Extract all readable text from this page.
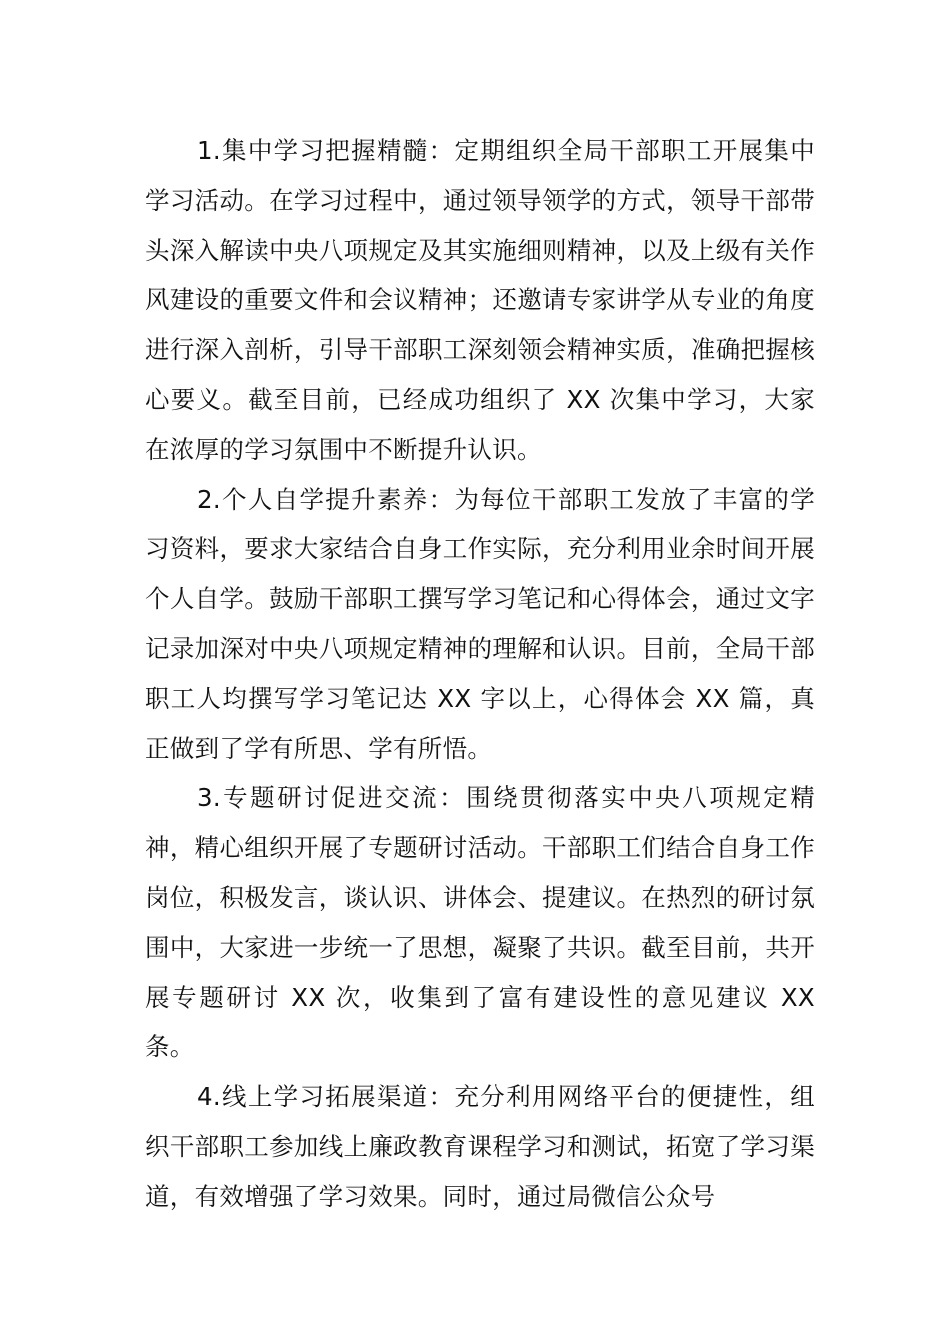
1.集中学习把握精髓：定期组织全局干部职工开展集中学习活动。在学习过程中，通过领导领学的方式，领导干部带头深入解读中央八项规定及其实施细则精神，以及上级有关作风建设的重要文件和会议精神；还邀请专家讲学从专业的角度进行深入剖析，引导干部职工深刻领会精神实质，准确把握核心要义。截至目前，已经成功组织了 XX 次集中学习，大家在浓厚的学习氛围中不断提升认识。

2.个人自学提升素养：为每位干部职工发放了丰富的学习资料，要求大家结合自身工作实际，充分利用业余时间开展个人自学。鼓励干部职工撰写学习笔记和心得体会，通过文字记录加深对中央八项规定精神的理解和认识。目前，全局干部职工人均撰写学习笔记达 XX 字以上，心得体会 XX 篇，真正做到了学有所思、学有所悟。

3.专题研讨促进交流：围绕贯彻落实中央八项规定精神，精心组织开展了专题研讨活动。干部职工们结合自身工作岗位，积极发言，谈认识、讲体会、提建议。在热烈的研讨氛围中，大家进一步统一了思想，凝聚了共识。截至目前，共开展专题研讨 XX 次，收集到了富有建设性的意见建议 XX 条。

4.线上学习拓展渠道：充分利用网络平台的便捷性，组织干部职工参加线上廉政教育课程学习和测试，拓宽了学习渠道，有效增强了学习效果。同时，通过局微信公众号
